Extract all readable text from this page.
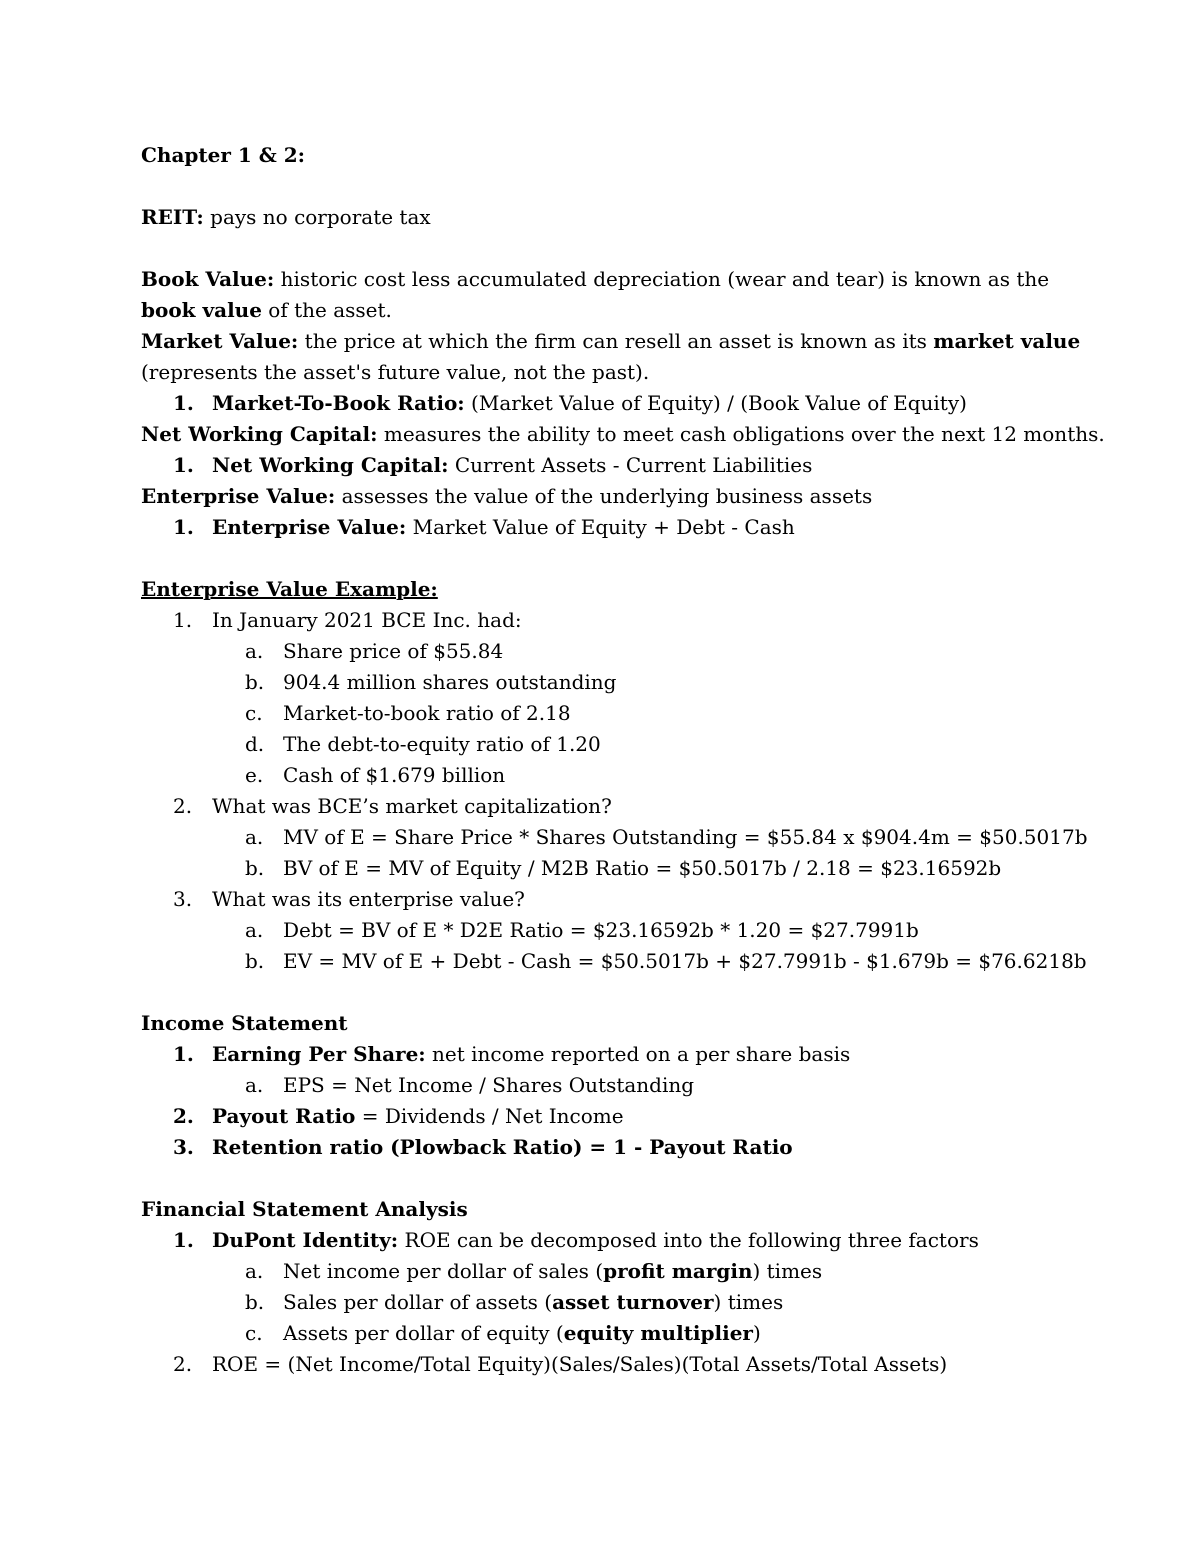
Chapter 1 & 2:
REIT: pays no corporate tax
Book Value: historic cost less accumulated depreciation (wear and tear) is known as the book value of the asset.
Market Value: the price at which the firm can resell an asset is known as its market value
(represents the asset's future value, not the past).
1. Market-To-Book Ratio: (Market Value of Equity) / (Book Value of Equity)
Net Working Capital: measures the ability to meet cash obligations over the next 12 months.
1. Net Working Capital: Current Assets - Current Liabilities
Enterprise Value: assesses the value of the underlying business assets
1. Enterprise Value: Market Value of Equity + Debt - Cash
Enterprise Value Example:
1. In January 2021 BCE Inc. had:
a. Share price of $55.84
b. 904.4 million shares outstanding
c. Market-to-book ratio of 2.18
d. The debt-to-equity ratio of 1.20
e. Cash of $1.679 billion
2. What was BCE’s market capitalization?
a. MV of E = Share Price * Shares Outstanding = $55.84 x $904.4m = $50.5017b
b. BV of E = MV of Equity / M2B Ratio = $50.5017b / 2.18 = $23.16592b
3. What was its enterprise value?
a. Debt = BV of E * D2E Ratio = $23.16592b * 1.20 = $27.7991b
b. EV = MV of E + Debt - Cash = $50.5017b + $27.7991b - $1.679b = $76.6218b
Income Statement
1. Earning Per Share: net income reported on a per share basis
a. EPS = Net Income / Shares Outstanding
2. Payout Ratio = Dividends / Net Income
3. Retention ratio (Plowback Ratio) = 1 - Payout Ratio
Financial Statement Analysis
1. DuPont Identity: ROE can be decomposed into the following three factors
a. Net income per dollar of sales (profit margin) times
b. Sales per dollar of assets (asset turnover) times
c. Assets per dollar of equity (equity multiplier)
2. ROE = (Net Income/Total Equity)(Sales/Sales)(Total Assets/Total Assets)
